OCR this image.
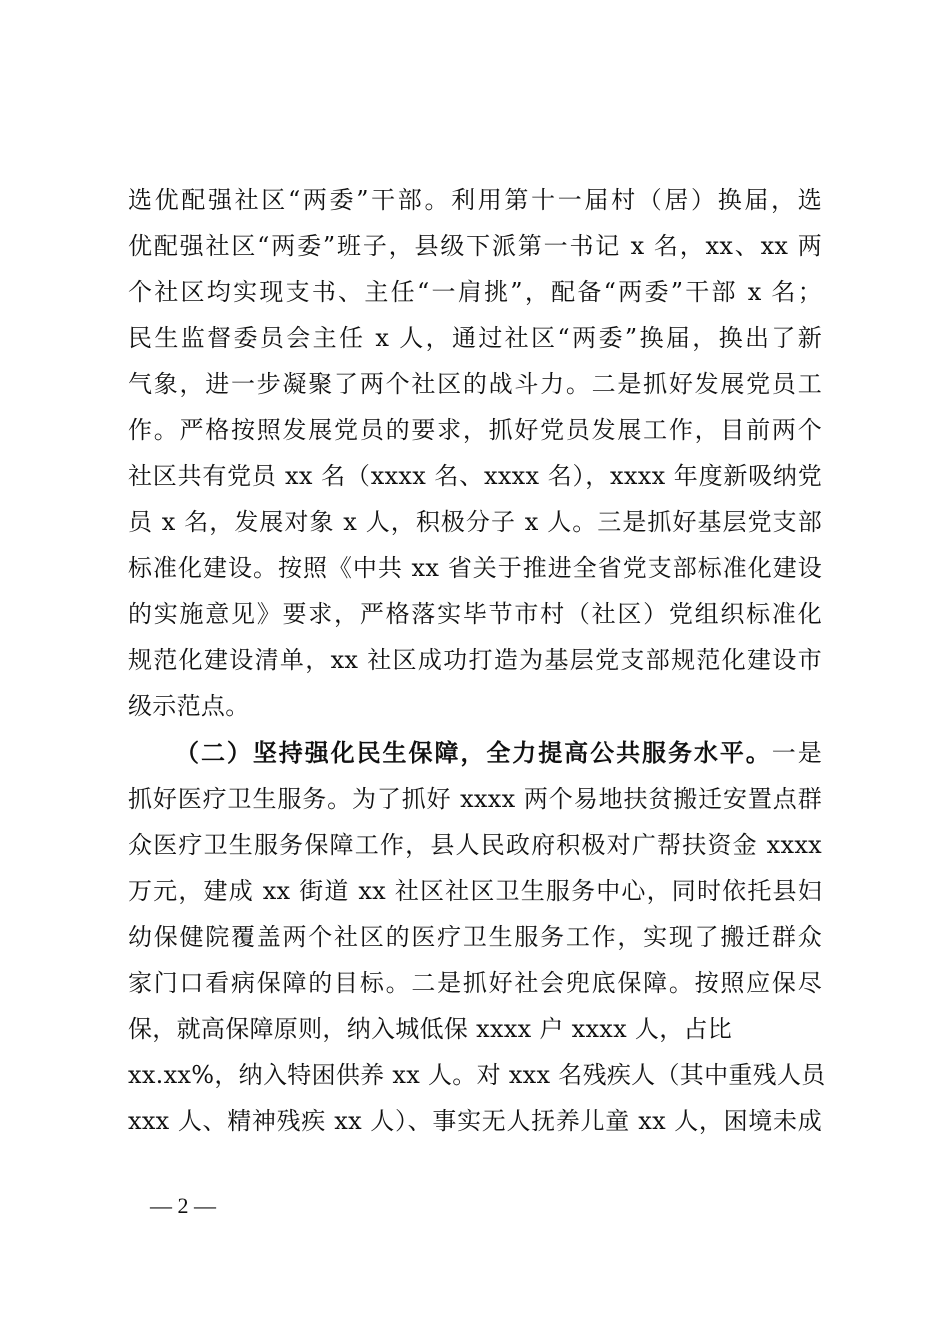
选优配强社区“两委”干部。利用第十一届村（居）换届，选
优配强社区“两委”班子，县级下派第一书记 x 名，xx、xx 两
个社区均实现支书、主任“一肩挑”，配备“两委”干部 x 名；
民生监督委员会主任 x 人，通过社区“两委”换届，换出了新
气象，进一步凝聚了两个社区的战斗力。二是抓好发展党员工
作。严格按照发展党员的要求，抓好党员发展工作，目前两个
社区共有党员 xx 名（xxxx 名、xxxx 名），xxxx 年度新吸纳党
员 x 名，发展对象 x 人，积极分子 x 人。三是抓好基层党支部
标准化建设。按照《中共 xx 省关于推进全省党支部标准化建设
的实施意见》要求，严格落实毕节市村（社区）党组织标准化
规范化建设清单，xx 社区成功打造为基层党支部规范化建设市
级示范点。
（二）坚持强化民生保障，全力提高公共服务水平。一是
抓好医疗卫生服务。为了抓好 xxxx 两个易地扶贫搬迁安置点群
众医疗卫生服务保障工作，县人民政府积极对广帮扶资金 xxxx
万元，建成 xx 街道 xx 社区社区卫生服务中心，同时依托县妇
幼保健院覆盖两个社区的医疗卫生服务工作，实现了搬迁群众
家门口看病保障的目标。二是抓好社会兜底保障。按照应保尽
保，就高保障原则，纳入城低保 xxxx 户 xxxx 人，占比
xx.xx%，纳入特困供养 xx 人。对 xxx 名残疾人（其中重残人员
xxx 人、精神残疾 xx 人）、事实无人抚养儿童 xx 人，困境未成
— 2 —
